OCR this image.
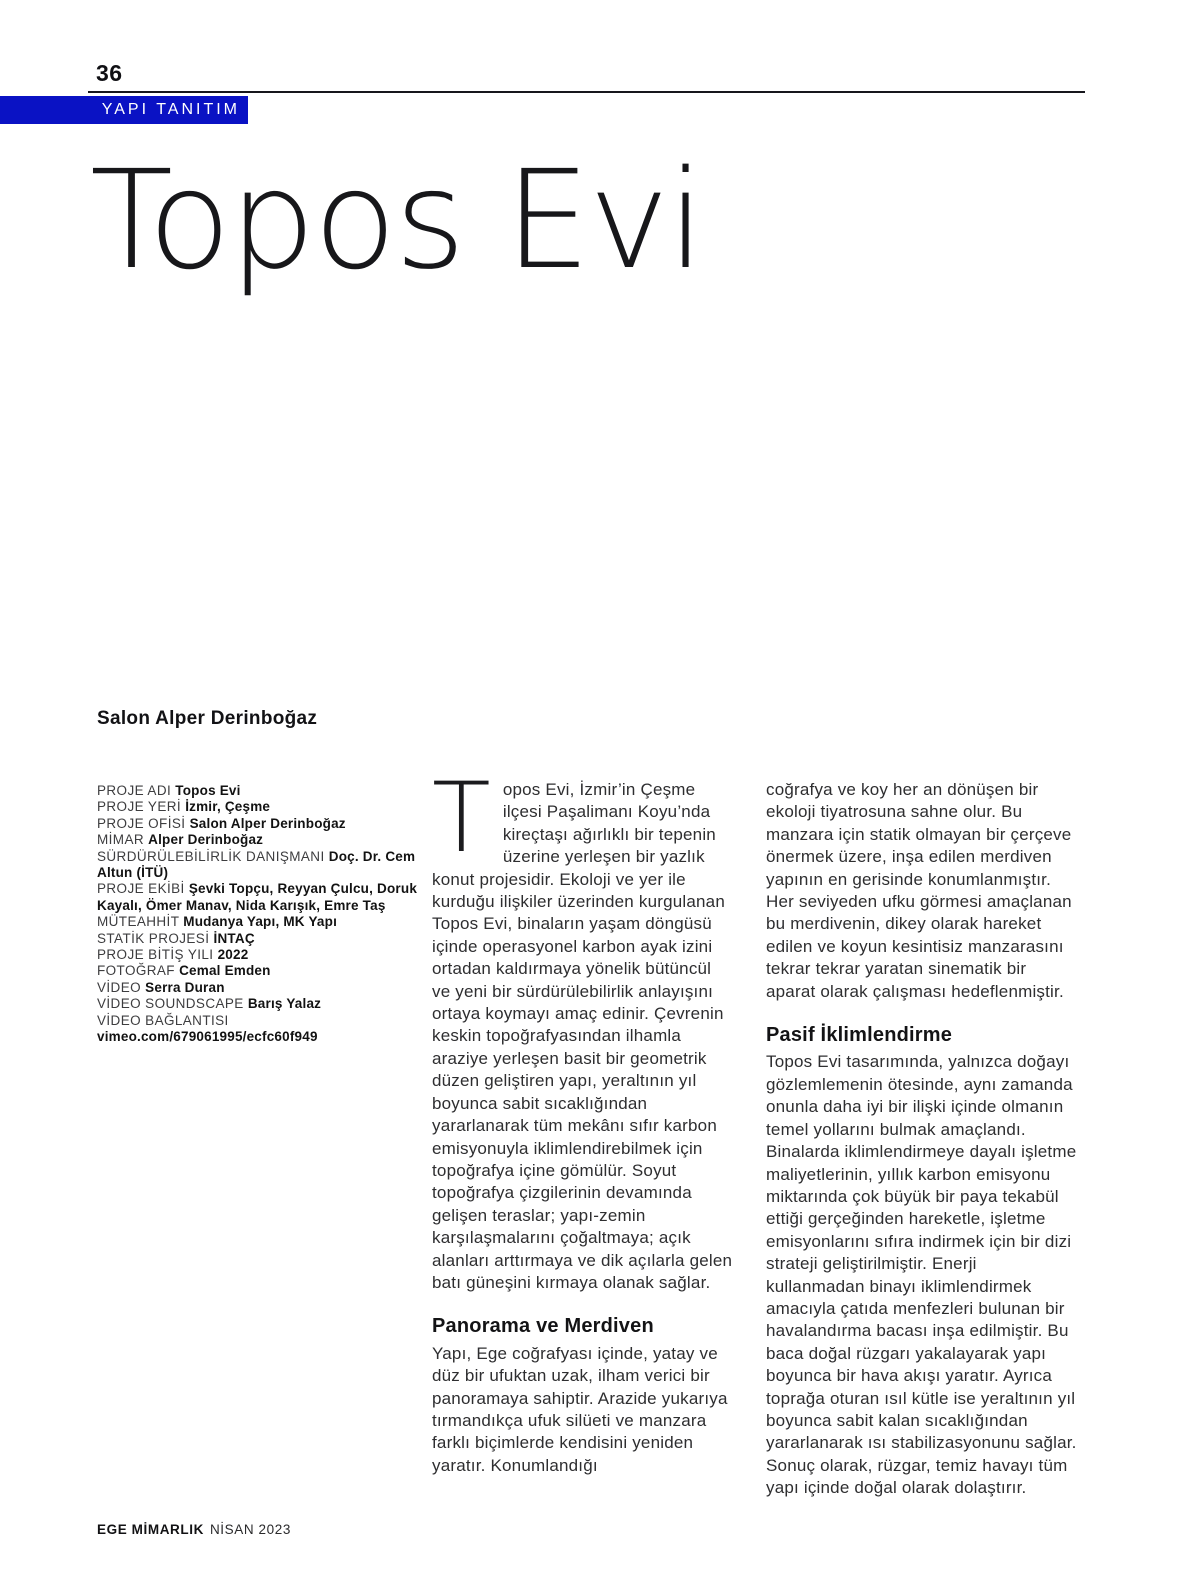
36
YAPI TANITIM
Topos Evi
Salon Alper Derinboğaz
PROJE ADI Topos Evi
PROJE YERİ İzmir, Çeşme
PROJE OFİSİ Salon Alper Derinboğaz
MİMAR Alper Derinboğaz
SÜRDÜRÜLEBİLİRLİK DANIŞMANI Doç. Dr. Cem Altun (İTÜ)
PROJE EKİBİ Şevki Topçu, Reyyan Çulcu, Doruk Kayalı, Ömer Manav, Nida Karışık, Emre Taş
MÜTEAHHİT Mudanya Yapı, MK Yapı
STATİK PROJESİ İNTAÇ
PROJE BİTİŞ YILI 2022
FOTOĞRAF Cemal Emden
VİDEO Serra Duran
VİDEO SOUNDSCAPE Barış Yalaz
VİDEO BAĞLANTISI vimeo.com/679061995/ecfc60f949

Topos Evi, İzmir’in Çeşme ilçesi Paşalimanı Koyu’nda kireçtaşı ağırlıklı bir tepenin üzerine yerleşen bir yazlık konut projesidir. Ekoloji ve yer ile kurduğu ilişkiler üzerinden kurgulanan Topos Evi, binaların yaşam döngüsü içinde operasyonel karbon ayak izini ortadan kaldırmaya yönelik bütüncül ve yeni bir sürdürülebilirlik anlayışını ortaya koymayı amaç edinir. Çevrenin keskin topoğrafyasından ilhamla araziye yerleşen basit bir geometrik düzen geliştiren yapı, yeraltının yıl boyunca sabit sıcaklığından yararlanarak tüm mekânı sıfır karbon emisyonuyla iklimlendirebilmek için topoğrafya içine gömülür. Soyut topoğrafya çizgilerinin devamında gelişen teraslar; yapı-zemin karşılaşmalarını çoğaltmaya; açık alanları arttırmaya ve dik açılarla gelen batı güneşini kırmaya olanak sağlar.

Panorama ve Merdiven

Yapı, Ege coğrafyası içinde, yatay ve düz bir ufuktan uzak, ilham verici bir panoramaya sahiptir. Arazide yukarıya tırmandıkça ufuk silüeti ve manzara farklı biçimlerde kendisini yeniden yaratır. Konumlandığı

coğrafya ve koy her an dönüşen bir ekoloji tiyatrosuna sahne olur. Bu manzara için statik olmayan bir çerçeve önermek üzere, inşa edilen merdiven yapının en gerisinde konumlanmıştır. Her seviyeden ufku görmesi amaçlanan bu merdivenin, dikey olarak hareket edilen ve koyun kesintisiz manzarasını tekrar tekrar yaratan sinematik bir aparat olarak çalışması hedeflenmiştir.

Pasif İklimlendirme

Topos Evi tasarımında, yalnızca doğayı gözlemlemenin ötesinde, aynı zamanda onunla daha iyi bir ilişki içinde olmanın temel yollarını bulmak amaçlandı. Binalarda iklimlendirmeye dayalı işletme maliyetlerinin, yıllık karbon emisyonu miktarında çok büyük bir paya tekabül ettiği gerçeğinden hareketle, işletme emisyonlarını sıfıra indirmek için bir dizi strateji geliştirilmiştir. Enerji kullanmadan binayı iklimlendirmek amacıyla çatıda menfezleri bulunan bir havalandırma bacası inşa edilmiştir. Bu baca doğal rüzgarı yakalayarak yapı boyunca bir hava akışı yaratır. Ayrıca toprağa oturan ısıl kütle ise yeraltının yıl boyunca sabit kalan sıcaklığından yararlanarak ısı stabilizasyonunu sağlar. Sonuç olarak, rüzgar, temiz havayı tüm yapı içinde doğal olarak dolaştırır.

EGE MİMARLIK NİSAN 2023
